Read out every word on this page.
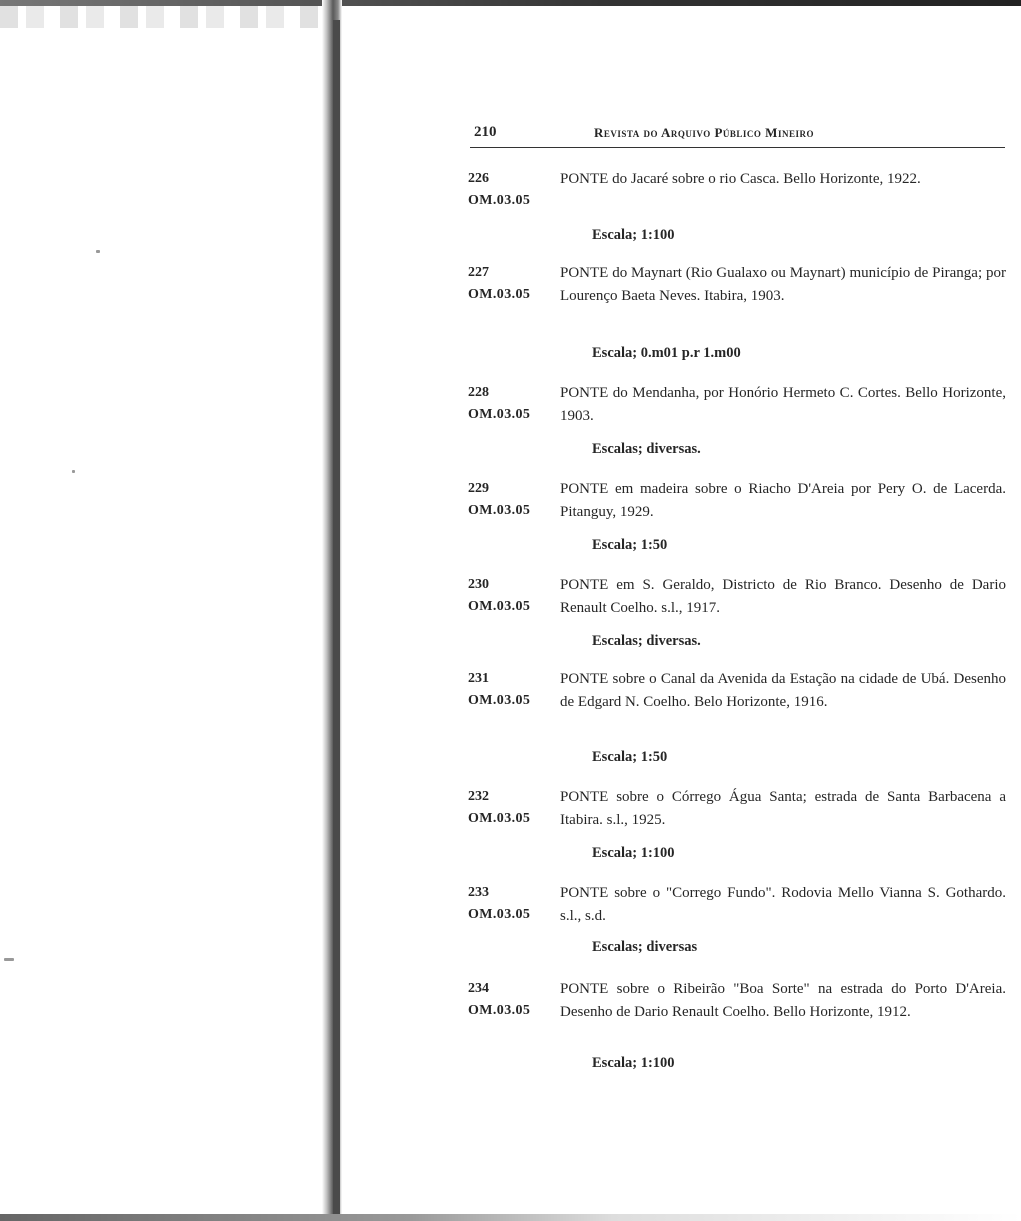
210	Revista do Arquivo Público Mineiro
226
OM.03.05
PONTE do Jacaré sobre o rio Casca. Bello Horizonte, 1922.
Escala; 1:100
227
OM.03.05
PONTE do Maynart (Rio Gualaxo ou Maynart) município de Piranga; por Lourenço Baeta Neves. Itabira, 1903.
Escala; 0.m01 p.r 1.m00
228
OM.03.05
PONTE do Mendanha, por Honório Hermeto C. Cortes. Bello Horizonte, 1903.
Escalas; diversas.
229
OM.03.05
PONTE em madeira sobre o Riacho D'Areia por Pery O. de Lacerda. Pitanguy, 1929.
Escala; 1:50
230
OM.03.05
PONTE em S. Geraldo, Districto de Rio Branco. Desenho de Dario Renault Coelho. s.l., 1917.
Escalas; diversas.
231
OM.03.05
PONTE sobre o Canal da Avenida da Estação na cidade de Ubá. Desenho de Edgard N. Coelho. Belo Horizonte, 1916.
Escala; 1:50
232
OM.03.05
PONTE sobre o Córrego Água Santa; estrada de Santa Barbacena a Itabira. s.l., 1925.
Escala; 1:100
233
OM.03.05
PONTE sobre o "Corrego Fundo". Rodovia Mello Vianna S. Gothardo. s.l., s.d.
Escalas; diversas
234
OM.03.05
PONTE sobre o Ribeirão "Boa Sorte" na estrada do Porto D'Areia. Desenho de Dario Renault Coelho. Bello Horizonte, 1912.
Escala; 1:100
